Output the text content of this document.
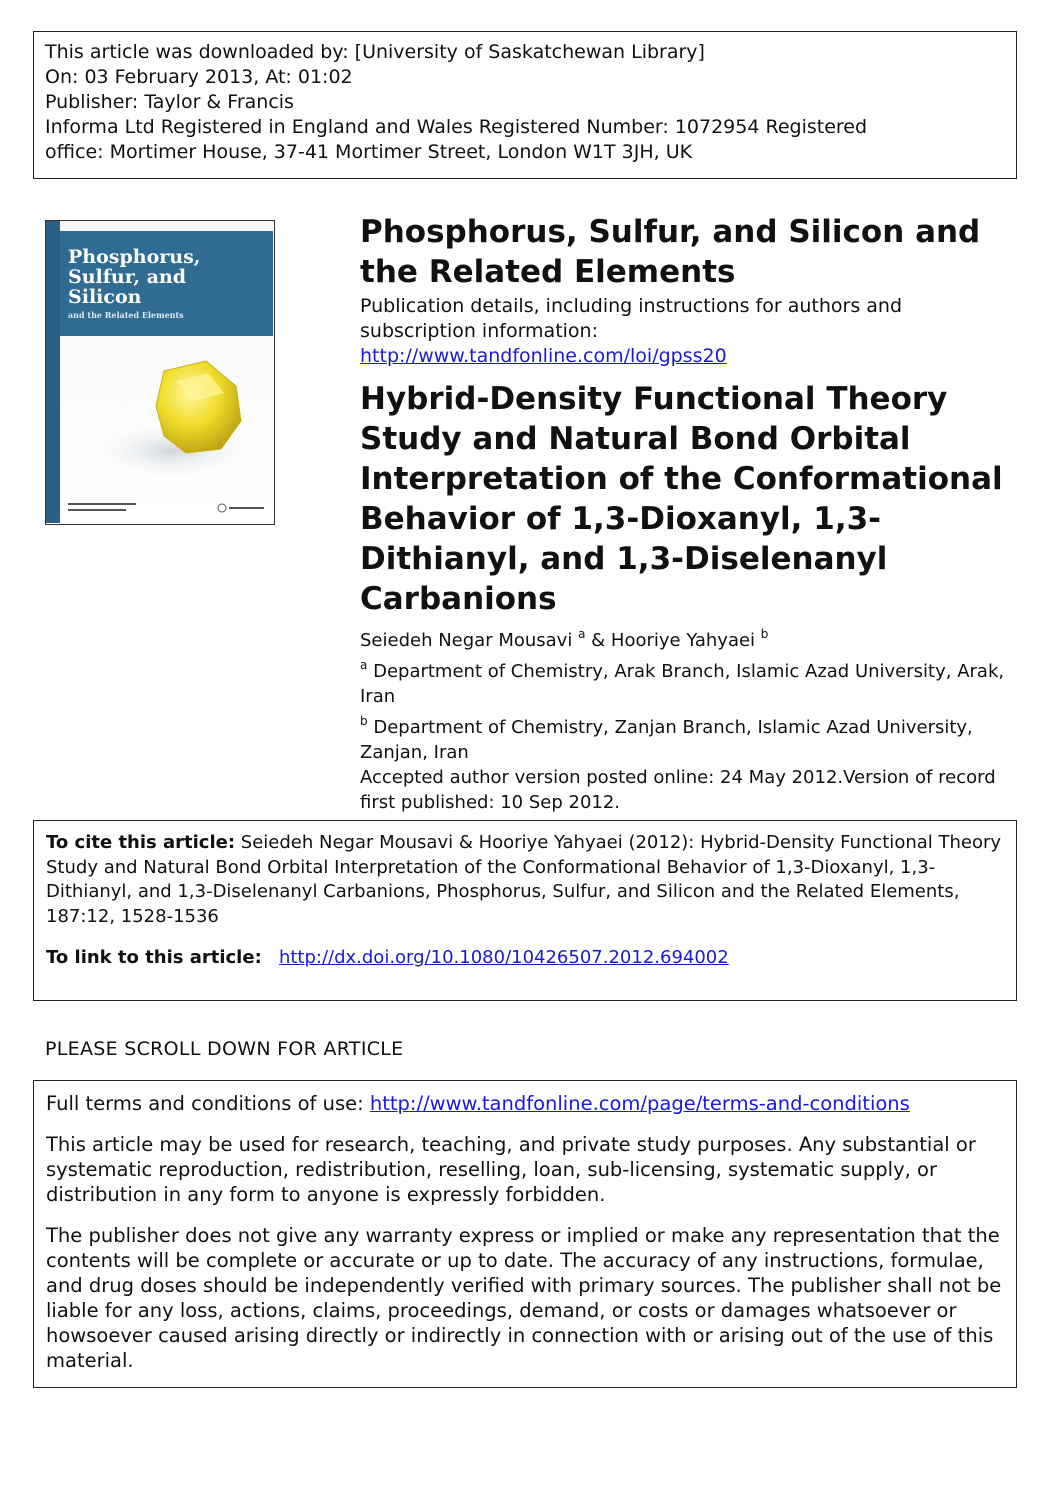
This article was downloaded by: [University of Saskatchewan Library]
On: 03 February 2013, At: 01:02
Publisher: Taylor & Francis
Informa Ltd Registered in England and Wales Registered Number: 1072954 Registered
office: Mortimer House, 37-41 Mortimer Street, London W1T 3JH, UK
Phosphorus,
Sulfur, and
Silicon
and the Related Elements
Phosphorus, Sulfur, and Silicon and the Related Elements
Publication details, including instructions for authors and subscription information:
http://www.tandfonline.com/loi/gpss20
Hybrid-Density Functional Theory Study and Natural Bond Orbital Interpretation of the Conformational Behavior of 1,3-Dioxanyl, 1,3-Dithianyl, and 1,3-Diselenanyl Carbanions
Seiedeh Negar Mousavi $^a$ & Hooriye Yahyaei $^b$
$^a$ Department of Chemistry, Arak Branch, Islamic Azad University, Arak, Iran
$^b$ Department of Chemistry, Zanjan Branch, Islamic Azad University, Zanjan, Iran
Accepted author version posted online: 24 May 2012.Version of record first published: 10 Sep 2012.
To cite this article: Seiedeh Negar Mousavi & Hooriye Yahyaei (2012): Hybrid-Density Functional Theory Study and Natural Bond Orbital Interpretation of the Conformational Behavior of 1,3-Dioxanyl, 1,3-Dithianyl, and 1,3-Diselenanyl Carbanions, Phosphorus, Sulfur, and Silicon and the Related Elements, 187:12, 1528-1536
To link to this article: http://dx.doi.org/10.1080/10426507.2012.694002
PLEASE SCROLL DOWN FOR ARTICLE

Full terms and conditions of use: http://www.tandfonline.com/page/terms-and-conditions

This article may be used for research, teaching, and private study purposes. Any substantial or systematic reproduction, redistribution, reselling, loan, sub-licensing, systematic supply, or distribution in any form to anyone is expressly forbidden.

The publisher does not give any warranty express or implied or make any representation that the contents will be complete or accurate or up to date. The accuracy of any instructions, formulae, and drug doses should be independently verified with primary sources. The publisher shall not be liable for any loss, actions, claims, proceedings, demand, or costs or damages whatsoever or howsoever caused arising directly or indirectly in connection with or arising out of the use of this material.
